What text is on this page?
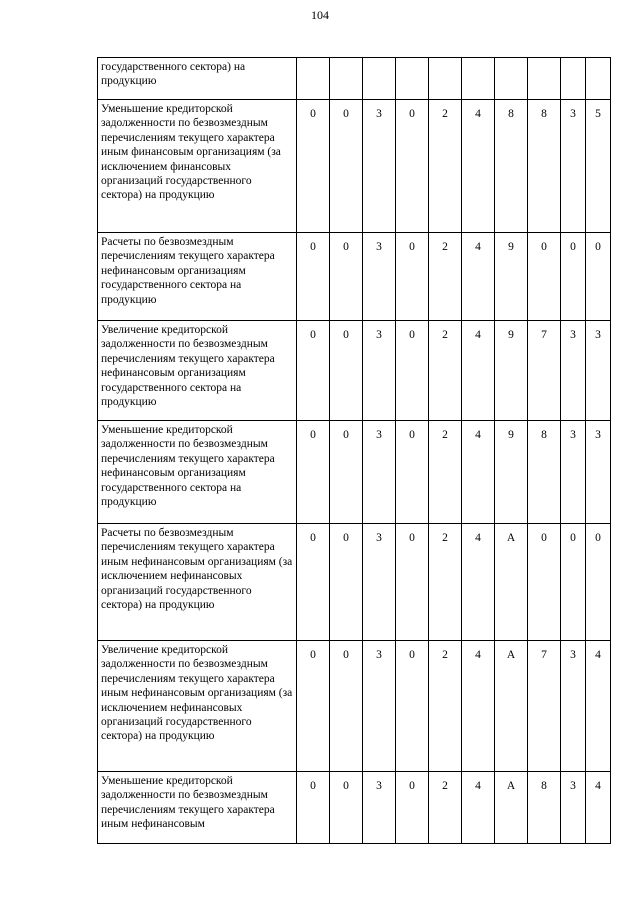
104
государственного сектора) на продукцию										
Уменьшение кредиторской задолженности по безвозмездным перечислениям текущего характера иным финансовым организациям (за исключением финансовых организаций государственного сектора) на продукцию	0	0	3	0	2	4	8	8	3	5
Расчеты по безвозмездным перечислениям текущего характера нефинансовым организациям государственного сектора на продукцию	0	0	3	0	2	4	9	0	0	0
Увеличение кредиторской задолженности по безвозмездным перечислениям текущего характера нефинансовым организациям государственного сектора на продукцию	0	0	3	0	2	4	9	7	3	3
Уменьшение кредиторской задолженности по безвозмездным перечислениям текущего характера нефинансовым организациям государственного сектора на продукцию	0	0	3	0	2	4	9	8	3	3
Расчеты по безвозмездным перечислениям текущего характера иным нефинансовым организациям (за исключением нефинансовых организаций государственного сектора) на продукцию	0	0	3	0	2	4	А	0	0	0
Увеличение кредиторской задолженности по безвозмездным перечислениям текущего характера иным нефинансовым организациям (за исключением нефинансовых организаций государственного сектора) на продукцию	0	0	3	0	2	4	А	7	3	4
Уменьшение кредиторской задолженности по безвозмездным перечислениям текущего характера иным нефинансовым	0	0	3	0	2	4	А	8	3	4
